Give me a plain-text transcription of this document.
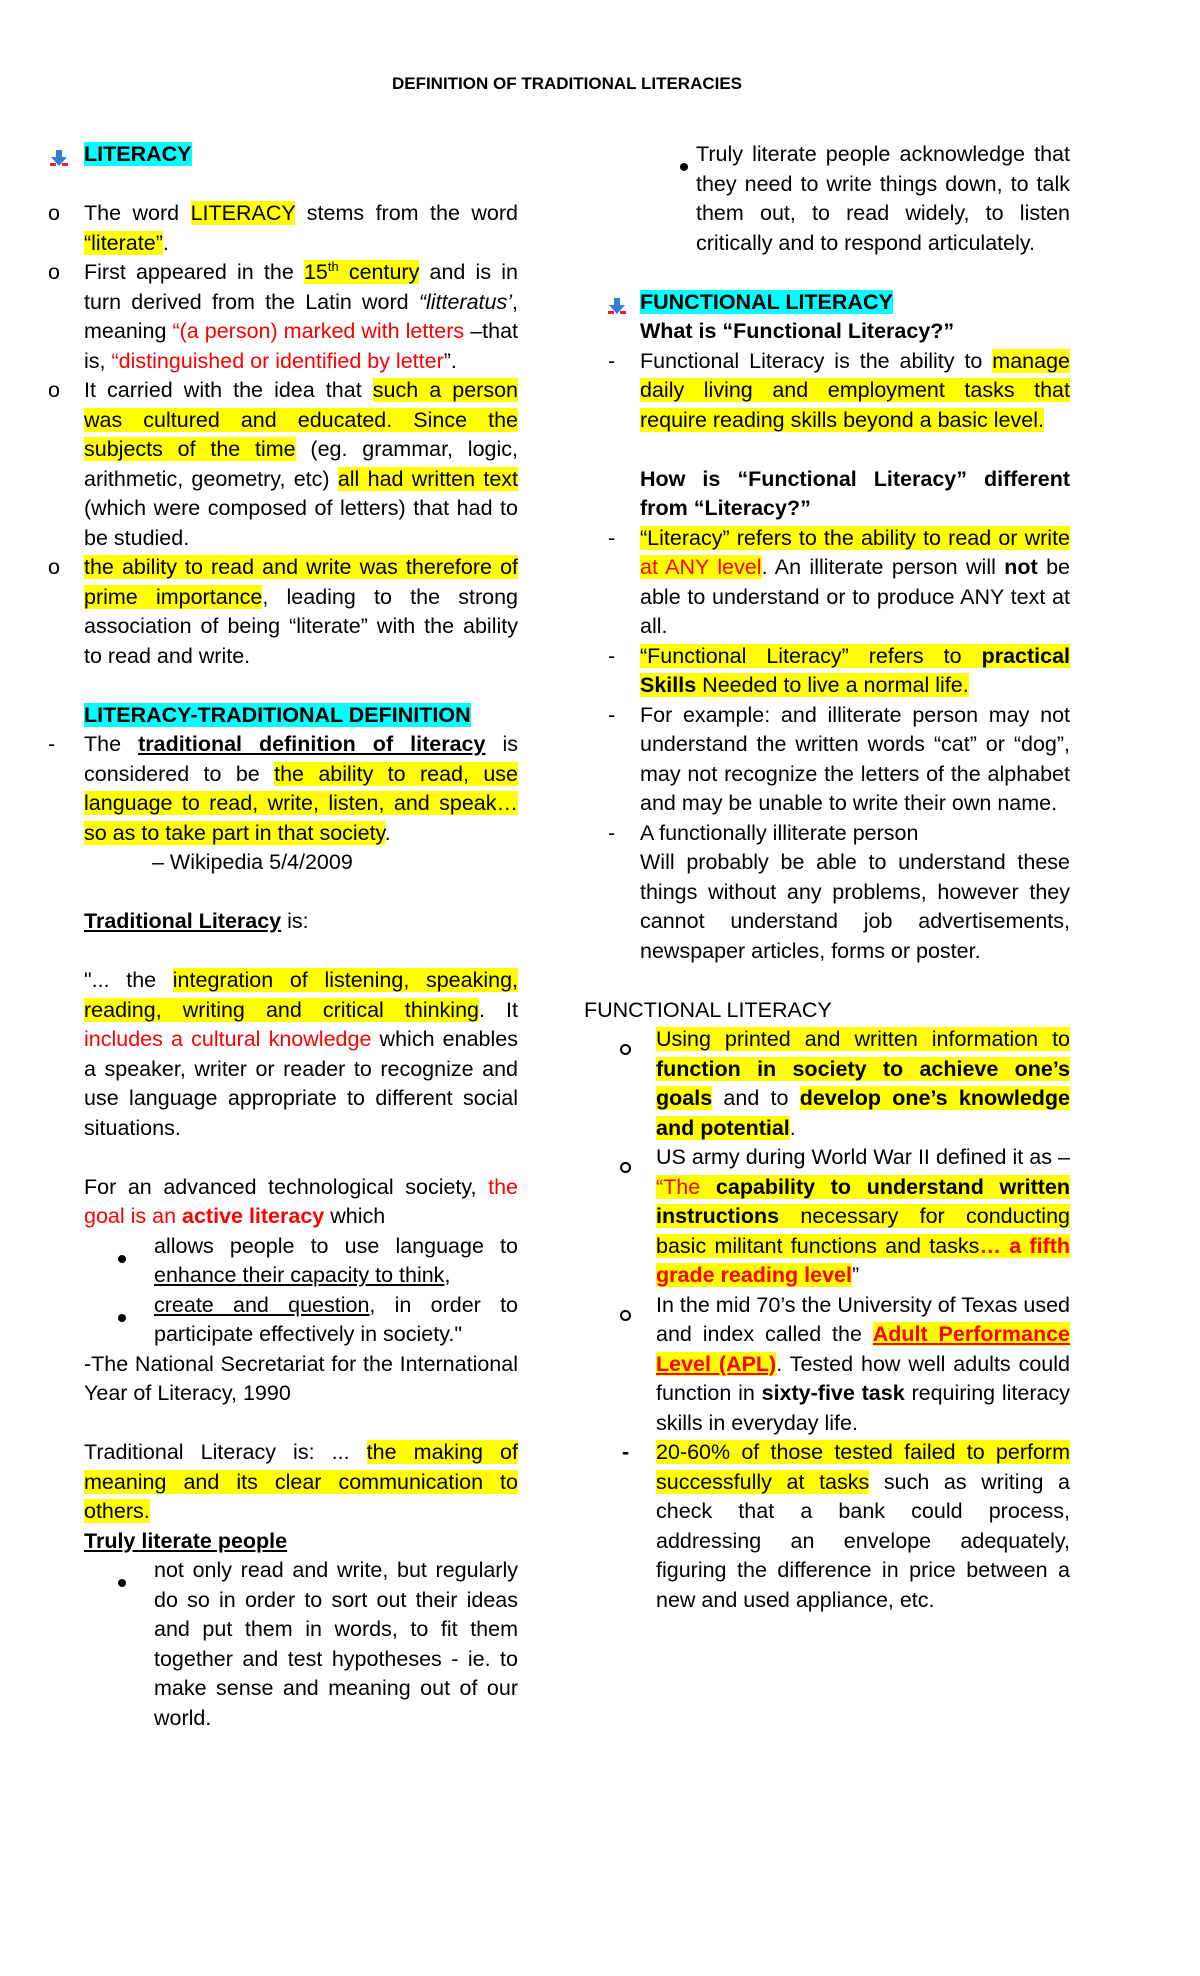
DEFINITION OF TRADITIONAL LITERACIES
LITERACY
o The word LITERACY stems from the word “literate”.
o First appeared in the 15th century and is in turn derived from the Latin word “litteratus’, meaning “(a person) marked with letters –that is, “distinguished or identified by letter”.
o It carried with the idea that such a person was cultured and educated. Since the subjects of the time (eg. grammar, logic, arithmetic, geometry, etc) all had written text (which were composed of letters) that had to be studied.
o the ability to read and write was therefore of prime importance, leading to the strong association of being “literate” with the ability to read and write.
LITERACY-TRADITIONAL DEFINITION
- The traditional definition of literacy is considered to be the ability to read, use language to read, write, listen, and speak… so as to take part in that society.
– Wikipedia 5/4/2009
Traditional Literacy is:
"... the integration of listening, speaking, reading, writing and critical thinking. It includes a cultural knowledge which enables a speaker, writer or reader to recognize and use language appropriate to different social situations.
For an advanced technological society, the goal is an active literacy which
allows people to use language to enhance their capacity to think,
create and question, in order to participate effectively in society."
-The National Secretariat for the International Year of Literacy, 1990
Traditional Literacy is: ... the making of meaning and its clear communication to others.
Truly literate people
not only read and write, but regularly do so in order to sort out their ideas and put them in words, to fit them together and test hypotheses - ie. to make sense and meaning out of our world.
Truly literate people acknowledge that they need to write things down, to talk them out, to read widely, to listen critically and to respond articulately.
FUNCTIONAL LITERACY
What is “Functional Literacy?”
- Functional Literacy is the ability to manage daily living and employment tasks that require reading skills beyond a basic level.
How is “Functional Literacy” different from “Literacy?”
- “Literacy” refers to the ability to read or write at ANY level. An illiterate person will not be able to understand or to produce ANY text at all.
- “Functional Literacy” refers to practical Skills Needed to live a normal life.
- For example: and illiterate person may not understand the written words “cat” or “dog”, may not recognize the letters of the alphabet and may be unable to write their own name.
- A functionally illiterate person
Will probably be able to understand these things without any problems, however they cannot understand job advertisements, newspaper articles, forms or poster.
FUNCTIONAL LITERACY
Using printed and written information to function in society to achieve one’s goals and to develop one’s knowledge and potential.
US army during World War II defined it as – “The capability to understand written instructions necessary for conducting basic militant functions and tasks… a fifth grade reading level”
In the mid 70’s the University of Texas used and index called the Adult Performance Level (APL). Tested how well adults could function in sixty-five task requiring literacy skills in everyday life.
- 20-60% of those tested failed to perform successfully at tasks such as writing a check that a bank could process, addressing an envelope adequately, figuring the difference in price between a new and used appliance, etc.
